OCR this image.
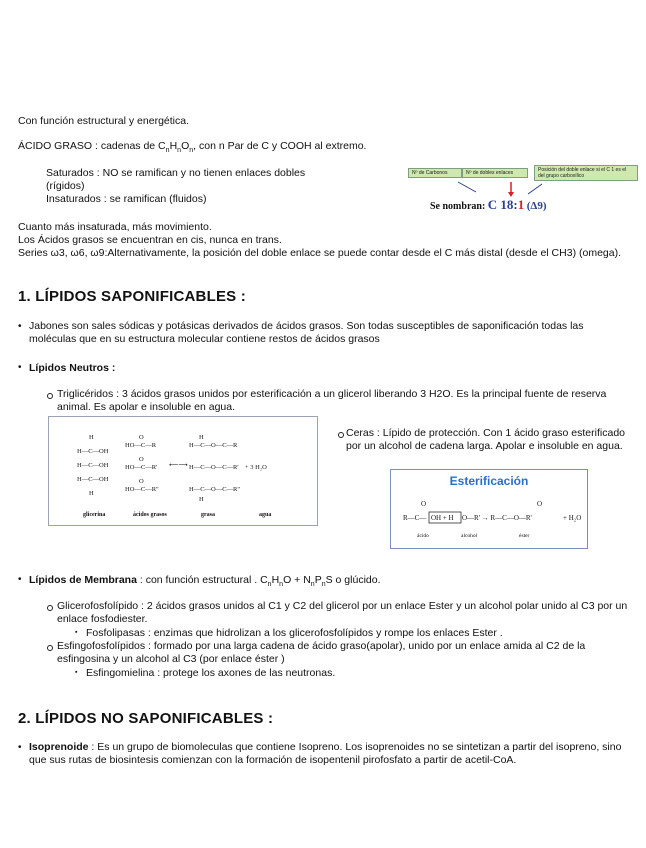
Con función estructural y energética.
ÁCIDO GRASO : cadenas de $C_nH_nO_n$, con n Par de C y COOH al extremo.
Saturados : NO se ramifican y no tienen enlaces dobles
(rígidos)
Insaturados : se ramifican (fluidos)
Nº de Carbonos	Nº de dobles enlaces	Posición del doble enlace si el C 1 es el del grupo carboxílico
Se nombran: C 18:1 (Δ9)
Cuanto más insaturada, más movimiento.
Los Ácidos grasos se encuentran en cis, nunca en trans.
Series ω3, ω6, ω9:Alternativamente, la posición del doble enlace se puede contar desde el C más distal (desde el CH3) (omega).
1. LÍPIDOS SAPONIFICABLES :
• Jabones son sales sódicas y potásicas derivados de ácidos grasos. Son todas susceptibles de saponificación todas las moléculas que en su estructura molecular contiene restos de ácidos grasos
• Lípidos Neutros :
Triglicéridos : 3 ácidos grasos unidos por esterificación a un glicerol liberando 3 H2O. Es la principal fuente de reserva animal. Es apolar e insoluble en agua.
H
H—C—OH
H—C—OH
H—C—OH
H
O
HO—C—R
O
HO—C—R'
O
HO—C—R"
⟵⟶
H
H—C—O—C—R
H—C—O—C—R'
H—C—O—C—R"
H
+ 3 H₂O
glicerina	ácidos grasos	grasa	agua
Ceras : Lípido de protección. Con 1 ácido graso esterificado por un alcohol de cadena larga. Apolar e insoluble en agua.
Esterificación
O
R—C— OH + H O—R' → R—C—O—R'
O
+ H₂O
ácido	alcohol	éster
• Lípidos de Membrana : con función estructural . $C_nH_nO + N_nP_nS$ o glúcido.
Glicerofosfolípido : 2 ácidos grasos unidos al C1 y C2 del glicerol por un enlace Ester y un alcohol polar unido al C3 por un enlace fosfodiester.
▪ Fosfolipasas : enzimas que hidrolizan a los glicerofosfolípidos y rompe los enlaces Ester .
Esfingofosfolípidos : formado por una larga cadena de ácido graso(apolar), unido por un enlace amida al C2 de la esfingosina y un alcohol al C3 (por enlace éster )
▪ Esfingomielina : protege los axones de las neutronas.
2. LÍPIDOS NO SAPONIFICABLES :
• Isoprenoide : Es un grupo de biomoleculas que contiene Isopreno. Los isoprenoides no se sintetizan a partir del isopreno, sino que sus rutas de biosintesis comienzan con la formación de isopentenil pirofosfato a partir de acetil-CoA.
